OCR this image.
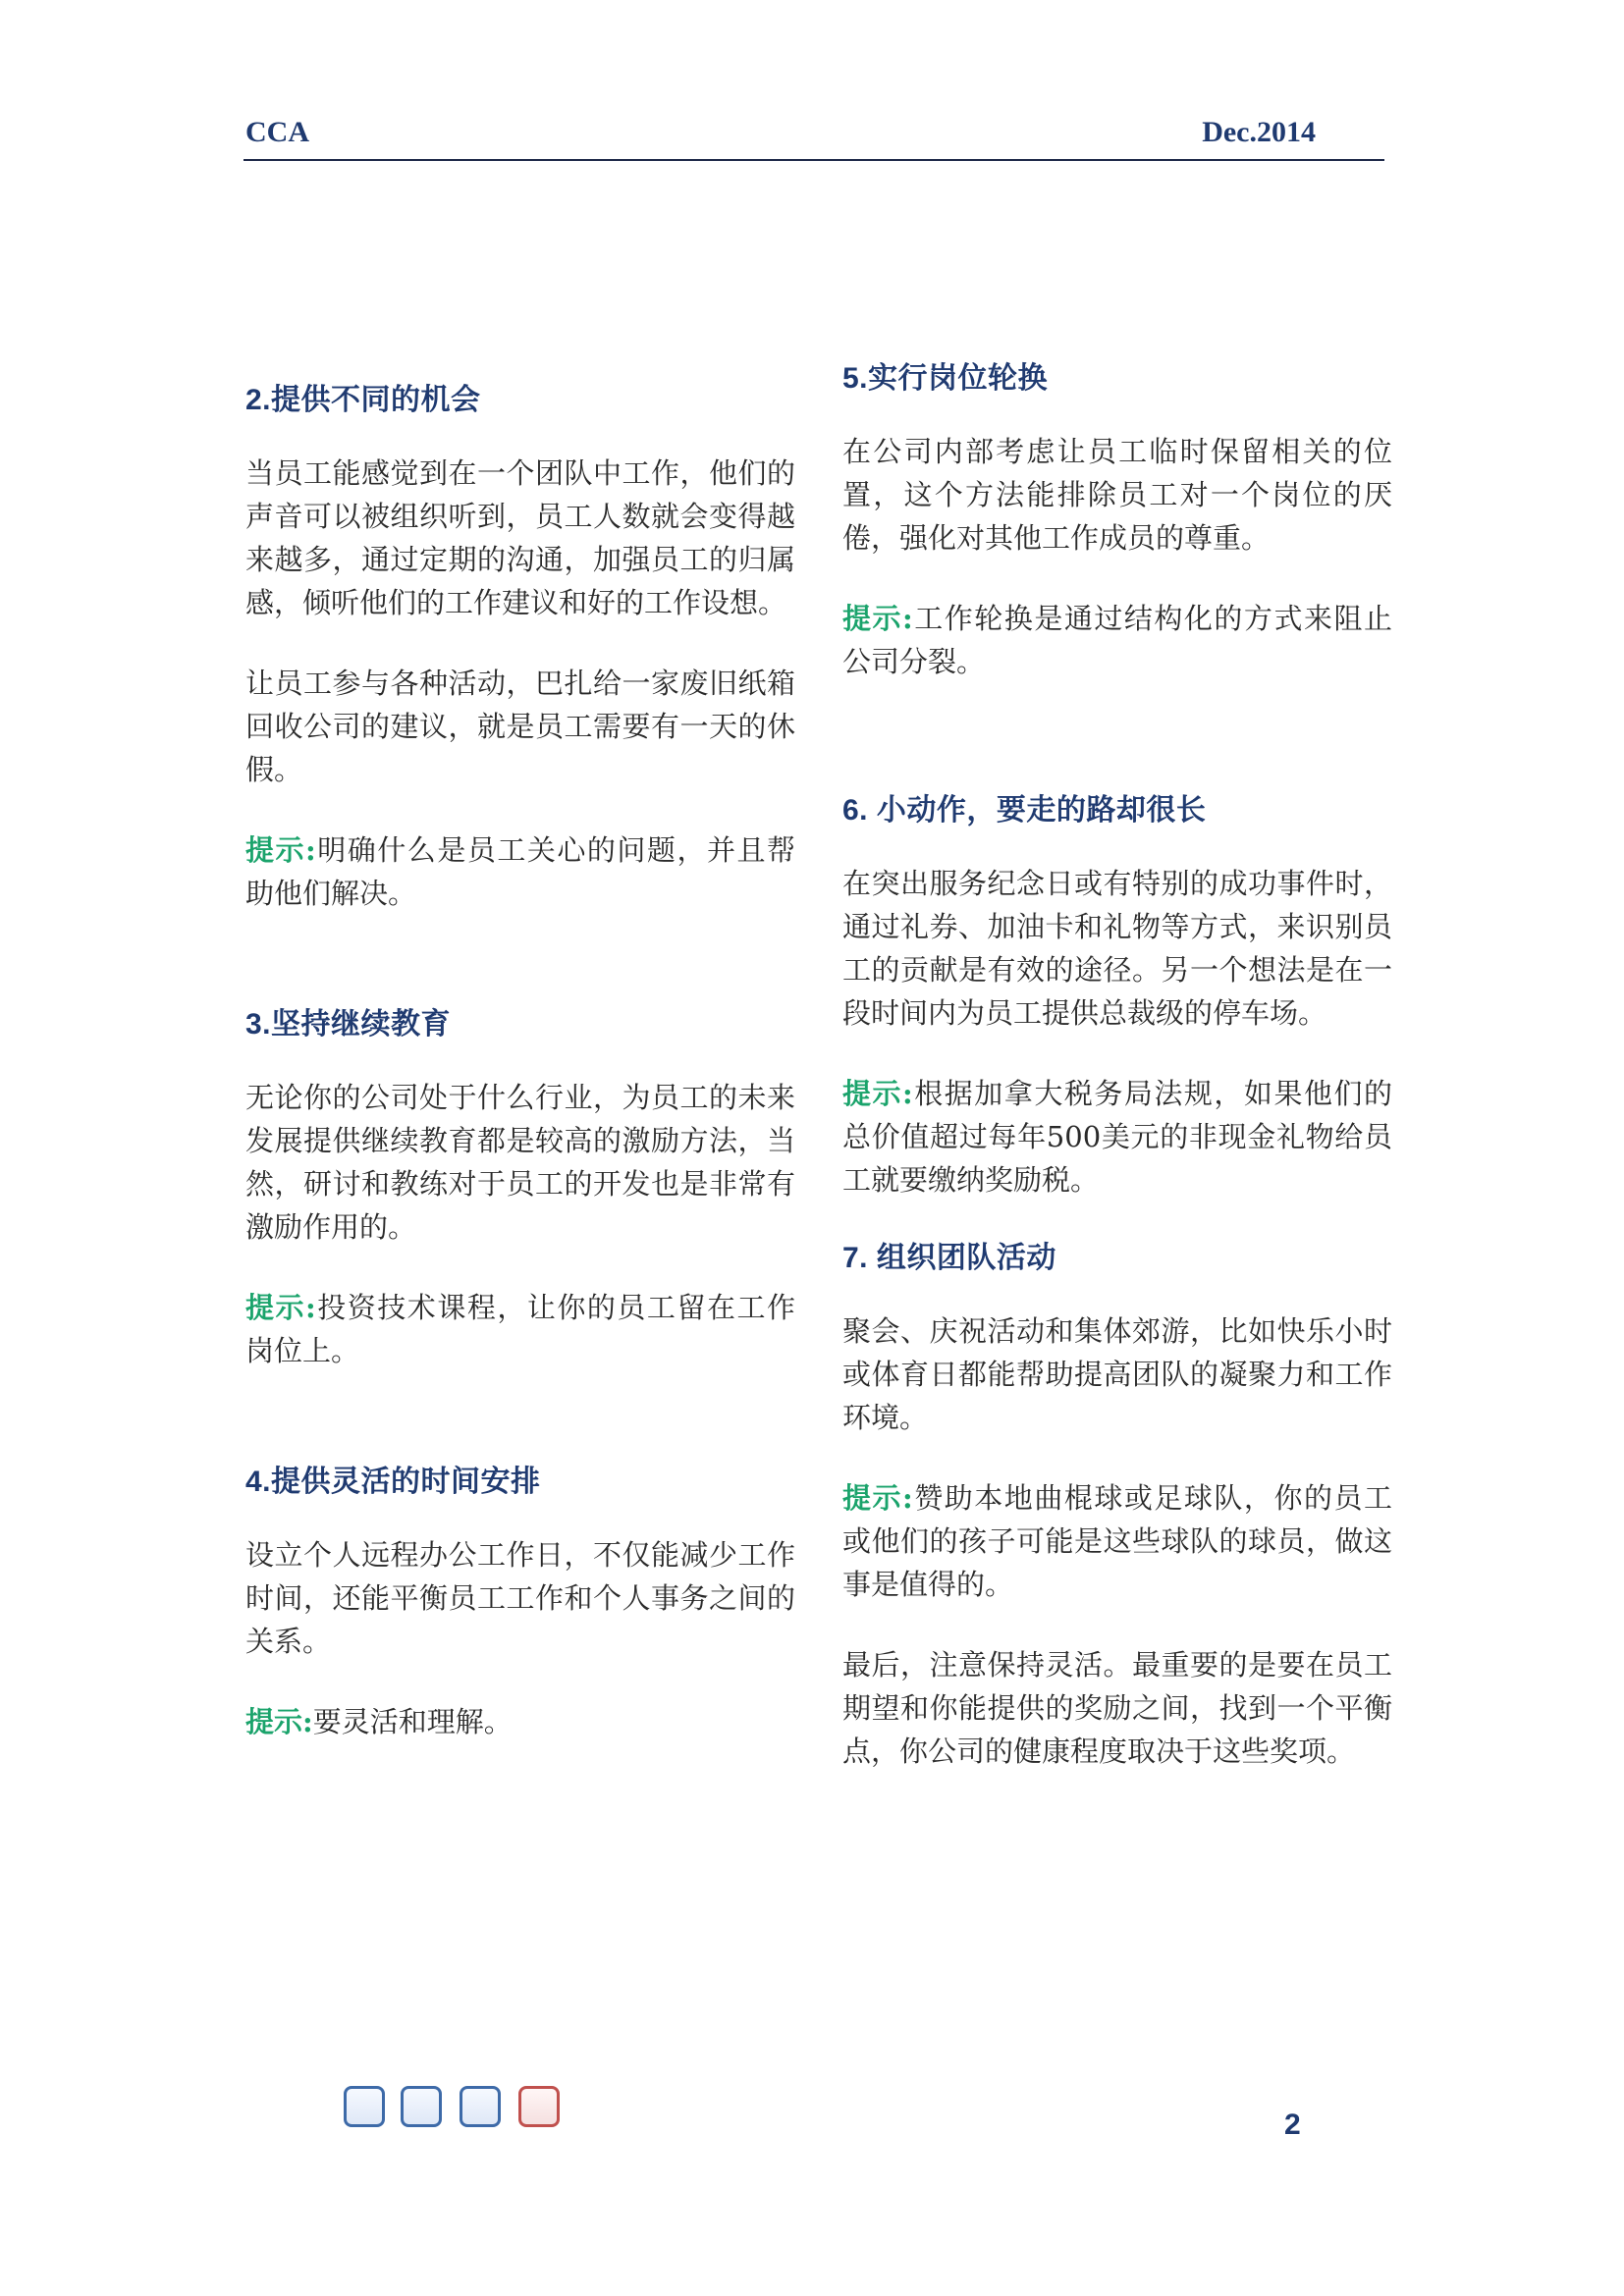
CCA	Dec.2014
2.提供不同的机会

当员工能感觉到在一个团队中工作，他们的声音可以被组织听到，员工人数就会变得越来越多，通过定期的沟通，加强员工的归属感，倾听他们的工作建议和好的工作设想。

让员工参与各种活动，巴扎给一家废旧纸箱回收公司的建议，就是员工需要有一天的休假。

提示:明确什么是员工关心的问题，并且帮助他们解决。

3.坚持继续教育

无论你的公司处于什么行业，为员工的未来发展提供继续教育都是较高的激励方法，当然，研讨和教练对于员工的开发也是非常有激励作用的。

提示:投资技术课程，让你的员工留在工作岗位上。

4.提供灵活的时间安排

设立个人远程办公工作日，不仅能减少工作时间，还能平衡员工工作和个人事务之间的关系。

提示:要灵活和理解。

5.实行岗位轮换

在公司内部考虑让员工临时保留相关的位置，这个方法能排除员工对一个岗位的厌倦，强化对其他工作成员的尊重。

提示:工作轮换是通过结构化的方式来阻止公司分裂。

6. 小动作，要走的路却很长

在突出服务纪念日或有特别的成功事件时，通过礼券、加油卡和礼物等方式，来识别员工的贡献是有效的途径。另一个想法是在一段时间内为员工提供总裁级的停车场。

提示:根据加拿大税务局法规，如果他们的总价值超过每年500美元的非现金礼物给员工就要缴纳奖励税。

7. 组织团队活动

聚会、庆祝活动和集体郊游，比如快乐小时或体育日都能帮助提高团队的凝聚力和工作环境。

提示:赞助本地曲棍球或足球队，你的员工或他们的孩子可能是这些球队的球员，做这事是值得的。

最后，注意保持灵活。最重要的是要在员工期望和你能提供的奖励之间，找到一个平衡点，你公司的健康程度取决于这些奖项。

2
